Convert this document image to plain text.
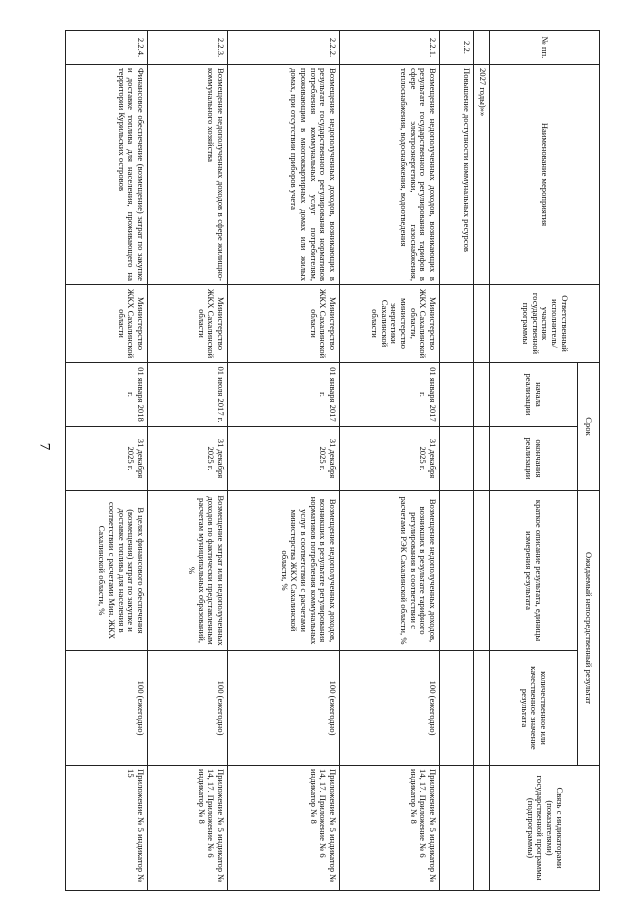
7
№ пп.	Наименование мероприятия	Ответственный исполнитель/участник государственной программы	Срок		Ожидаемый непосредственный результат		Связь с индикаторами (показателями) государственной программы (подпрограммы)
			начала реализации	окончания реализации	краткое описание результата, единицы измерения результата	количественное или качественное значение результата	
	2027 годы)»»						
2.2.	Повышение доступности коммунальных ресурсов						
2.2.1.	Возмещение недополученных доходов, возникающих в результате государственного регулирования тарифов в сфере электроэнергетики, газоснабжения, теплоснабжения, водоснабжения, водоотведения	Министерство ЖКХ Сахалинской области, министерство энергетики Сахалинской области	01 января 2017 г.	31 декабря 2025 г.	Возмещение недополученных доходов, возникших в результате тарифного регулирования в соответствии с расчетами РЭК Сахалинской области, %	100 (ежегодно)	Приложение № 5 индикатор № 14, 17. Приложение № 6 индикатор № 8
2.2.2.	Возмещение недополученных доходов, возникающих в результате государственного регулирования нормативов потребления коммунальных услуг потребителям, проживающим в многоквартирных домах или жилых домах, при отсутствии приборов учета	Министерство ЖКХ Сахалинской области	01 января 2017 г.	31 декабря 2025 г.	Возмещение недополученных доходов, возникших в результате регулирования нормативов потребления коммунальных услуг в соответствии с расчетами министерства ЖКХ Сахалинской области, %	100 (ежегодно)	Приложение № 5 индикатор № 14, 17. Приложение № 6 индикатор № 8
2.2.3.	Возмещение недополученных доходов в сфере жилищно-коммунального хозяйства	Министерство ЖКХ Сахалинской области	01 июля 2017 г.	31 декабря 2025 г.	Возмещение затрат или недополученных доходов по фактически представленным расчетам муниципальных образований, %	100 (ежегодно)	Приложение № 5 индикатор № 14, 17. Приложение № 6 индикатор № 8
2.2.4.	Финансовое обеспечение (возмещение) затрат по закупке и доставке топлива для населения, проживающего на территории Курильских островов	Министерство ЖКХ Сахалинской области	01 января 2018 г.	31 декабря 2025 г.	В целях финансового обеспечения (возмещения) затрат по закупке и доставке топлива для населения в соответствии с расчетами Мин. ЖКХ Сахалинской области, %	100 (ежегодно)	Приложение № 5 индикатор № 15
